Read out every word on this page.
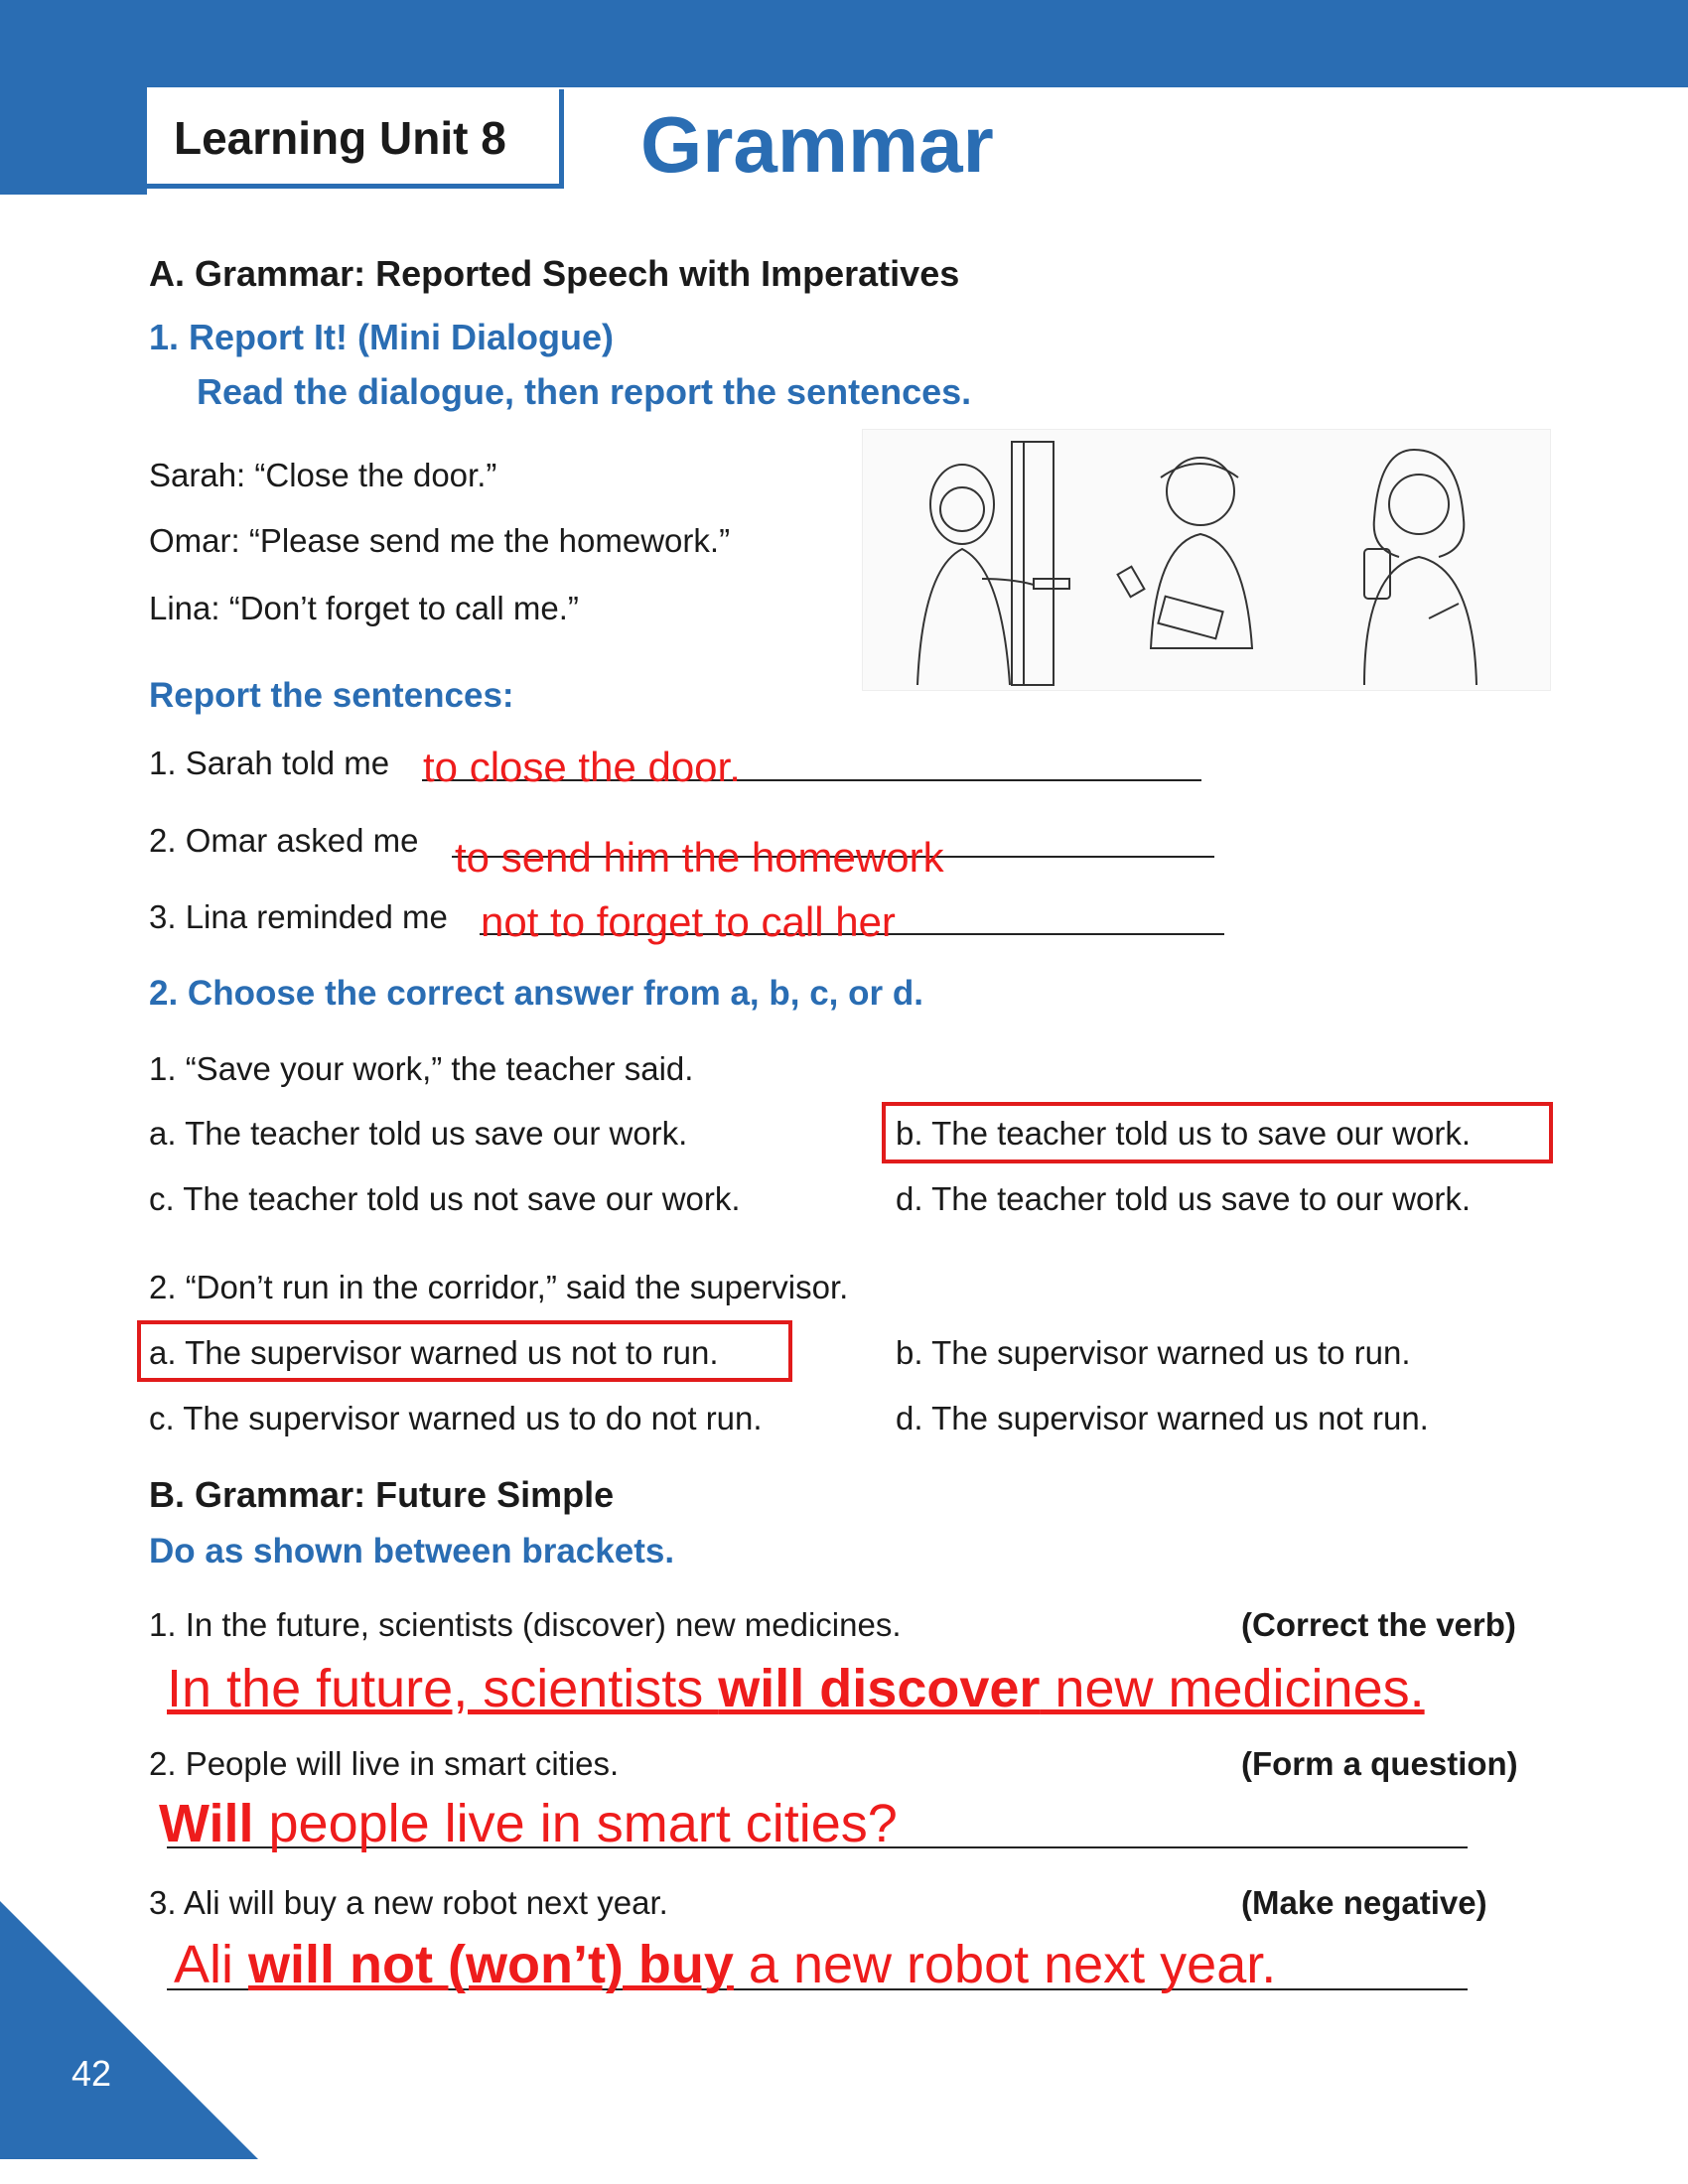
Learning Unit 8 Grammar
A. Grammar: Reported Speech with Imperatives
1. Report It! (Mini Dialogue)
Read the dialogue, then report the sentences.
Sarah: “Close the door.”
Omar: “Please send me the homework.”
Lina: “Don’t forget to call me.”
Report the sentences:
1. Sarah told me to close the door.
2. Omar asked me to send him the homework
3. Lina reminded me not to forget to call her
2. Choose the correct answer from a, b, c, or d.
1. “Save your work,” the teacher said.
a. The teacher told us save our work.	b. The teacher told us to save our work.
c. The teacher told us not save our work.	d. The teacher told us save to our work.
2. “Don’t run in the corridor,” said the supervisor.
a. The supervisor warned us not to run.	b. The supervisor warned us to run.
c. The supervisor warned us to do not run.	d. The supervisor warned us not run.
B. Grammar: Future Simple
Do as shown between brackets.
1. In the future, scientists (discover) new medicines.	(Correct the verb)
In the future, scientists will discover new medicines.
2. People will live in smart cities.	(Form a question)
Will people live in smart cities?
3. Ali will buy a new robot next year.	(Make negative)
Ali will not (won’t) buy a new robot next year.
42
